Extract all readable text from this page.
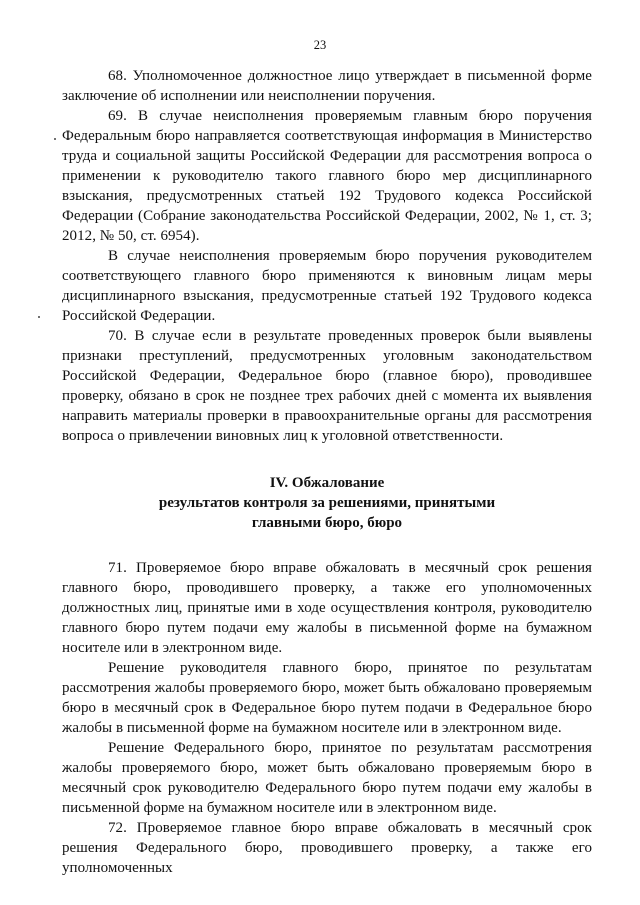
23

68. Уполномоченное должностное лицо утверждает в письменной форме заключение об исполнении или неисполнении поручения.

69. В случае неисполнения проверяемым главным бюро поручения Федеральным бюро направляется соответствующая информация в Министерство труда и социальной защиты Российской Федерации для рассмотрения вопроса о применении к руководителю такого главного бюро мер дисциплинарного взыскания, предусмотренных статьей 192 Трудового кодекса Российской Федерации (Собрание законодательства Российской Федерации, 2002, № 1, ст. 3; 2012, № 50, ст. 6954).

В случае неисполнения проверяемым бюро поручения руководителем соответствующего главного бюро применяются к виновным лицам меры дисциплинарного взыскания, предусмотренные статьей 192 Трудового кодекса Российской Федерации.

70. В случае если в результате проведенных проверок были выявлены признаки преступлений, предусмотренных уголовным законодательством Российской Федерации, Федеральное бюро (главное бюро), проводившее проверку, обязано в срок не позднее трех рабочих дней с момента их выявления направить материалы проверки в правоохранительные органы для рассмотрения вопроса о привлечении виновных лиц к уголовной ответственности.

IV. Обжалование
результатов контроля за решениями, принятыми
главными бюро, бюро

71. Проверяемое бюро вправе обжаловать в месячный срок решения главного бюро, проводившего проверку, а также его уполномоченных должностных лиц, принятые ими в ходе осуществления контроля, руководителю главного бюро путем подачи ему жалобы в письменной форме на бумажном носителе или в электронном виде.

Решение руководителя главного бюро, принятое по результатам рассмотрения жалобы проверяемого бюро, может быть обжаловано проверяемым бюро в месячный срок в Федеральное бюро путем подачи в Федеральное бюро жалобы в письменной форме на бумажном носителе или в электронном виде.

Решение Федерального бюро, принятое по результатам рассмотрения жалобы проверяемого бюро, может быть обжаловано проверяемым бюро в месячный срок руководителю Федерального бюро путем подачи ему жалобы в письменной форме на бумажном носителе или в электронном виде.

72. Проверяемое главное бюро вправе обжаловать в месячный срок решения Федерального бюро, проводившего проверку, а также его уполномоченных
